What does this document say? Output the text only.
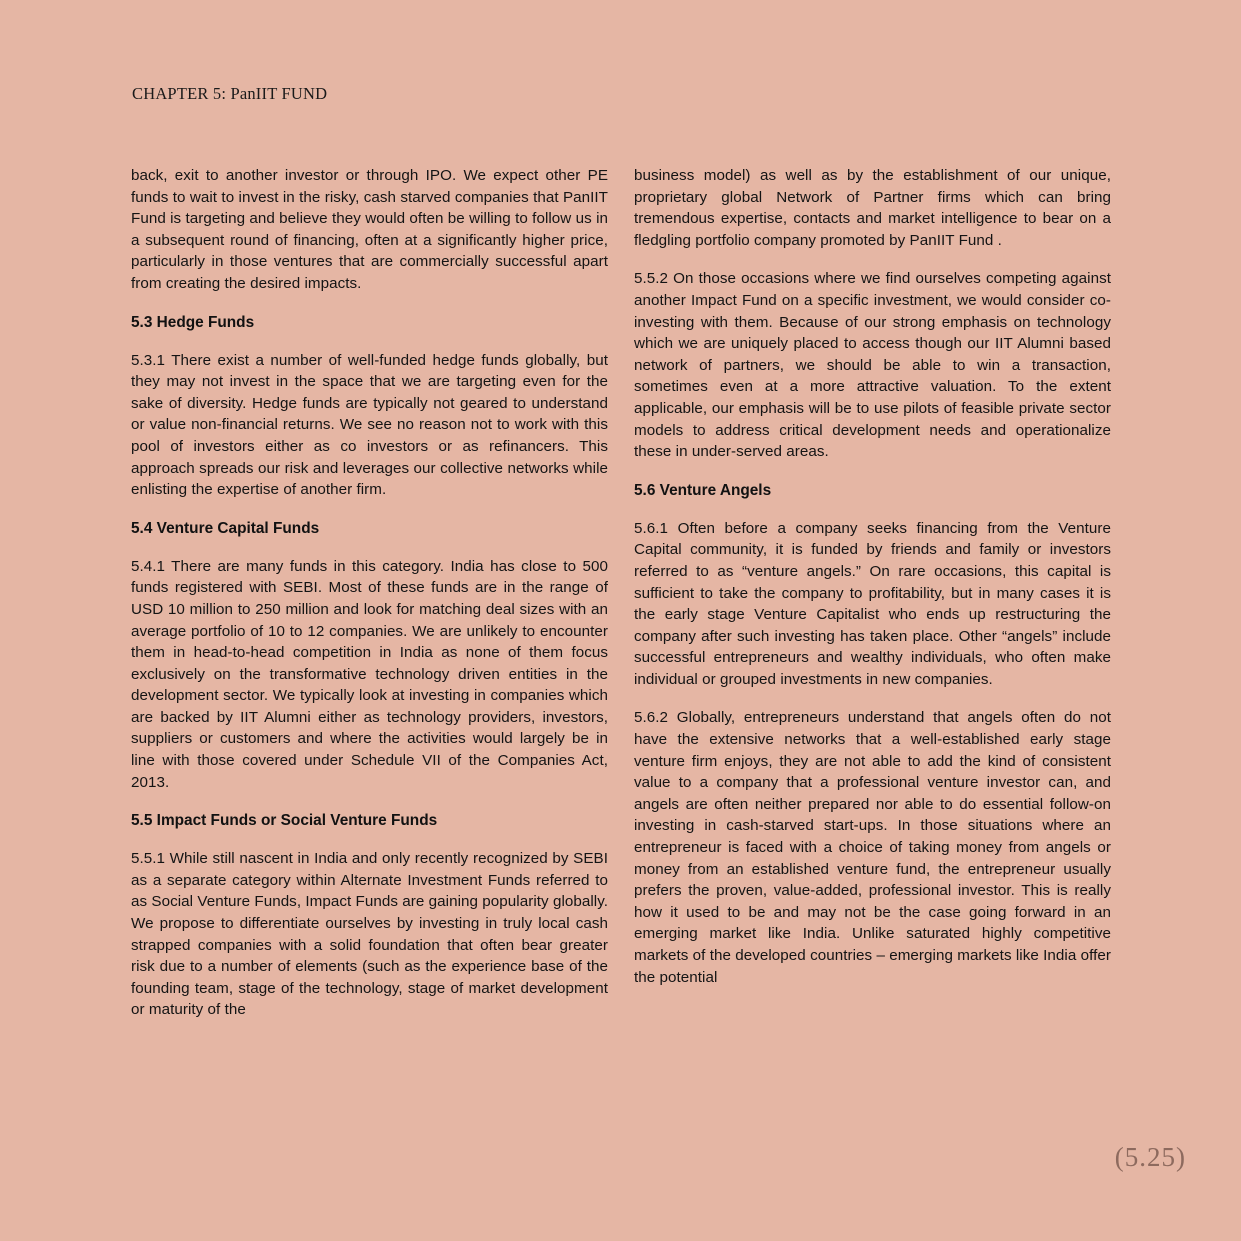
CHAPTER 5: PanIIT FUND

back, exit to another investor or through IPO. We expect other PE funds to wait to invest in the risky, cash starved companies that PanIIT Fund is targeting and believe they would often be willing to follow us in a subsequent round of financing, often at a significantly higher price, particularly in those ventures that are commercially successful apart from creating the desired impacts.

5.3 Hedge Funds

5.3.1 There exist a number of well-funded hedge funds globally, but they may not invest in the space that we are targeting even for the sake of diversity. Hedge funds are typically not geared to understand or value non-financial returns. We see no reason not to work with this pool of investors either as co investors or as refinancers. This approach spreads our risk and leverages our collective networks while enlisting the expertise of another firm.

5.4 Venture Capital Funds

5.4.1 There are many funds in this category. India has close to 500 funds registered with SEBI. Most of these funds are in the range of USD 10 million to 250 million and look for matching deal sizes with an average portfolio of 10 to 12 companies. We are unlikely to encounter them in head-to-head competition in India as none of them focus exclusively on the transformative technology driven entities in the development sector. We typically look at investing in companies which are backed by IIT Alumni either as technology providers, investors, suppliers or customers and where the activities would largely be in line with those covered under Schedule VII of the Companies Act, 2013.

5.5 Impact Funds or Social Venture Funds

5.5.1 While still nascent in India and only recently recognized by SEBI as a separate category within Alternate Investment Funds referred to as Social Venture Funds, Impact Funds are gaining popularity globally. We propose to differentiate ourselves by investing in truly local cash strapped companies with a solid foundation that often bear greater risk due to a number of elements (such as the experience base of the founding team, stage of the technology, stage of market development or maturity of the

business model) as well as by the establishment of our unique, proprietary global Network of Partner firms which can bring tremendous expertise, contacts and market intelligence to bear on a fledgling portfolio company promoted by PanIIT Fund .

5.5.2 On those occasions where we find ourselves competing against another Impact Fund on a specific investment, we would consider co-investing with them. Because of our strong emphasis on technology which we are uniquely placed to access though our IIT Alumni based network of partners, we should be able to win a transaction, sometimes even at a more attractive valuation. To the extent applicable, our emphasis will be to use pilots of feasible private sector models to address critical development needs and operationalize these in under-served areas.

5.6 Venture Angels

5.6.1 Often before a company seeks financing from the Venture Capital community, it is funded by friends and family or investors referred to as “venture angels.” On rare occasions, this capital is sufficient to take the company to profitability, but in many cases it is the early stage Venture Capitalist who ends up restructuring the company after such investing has taken place. Other “angels” include successful entrepreneurs and wealthy individuals, who often make individual or grouped investments in new companies.

5.6.2 Globally, entrepreneurs understand that angels often do not have the extensive networks that a well-established early stage venture firm enjoys, they are not able to add the kind of consistent value to a company that a professional venture investor can, and angels are often neither prepared nor able to do essential follow-on investing in cash-starved start-ups. In those situations where an entrepreneur is faced with a choice of taking money from angels or money from an established venture fund, the entrepreneur usually prefers the proven, value-added, professional investor. This is really how it used to be and may not be the case going forward in an emerging market like India. Unlike saturated highly competitive markets of the developed countries – emerging markets like India offer the potential

(5.25)
